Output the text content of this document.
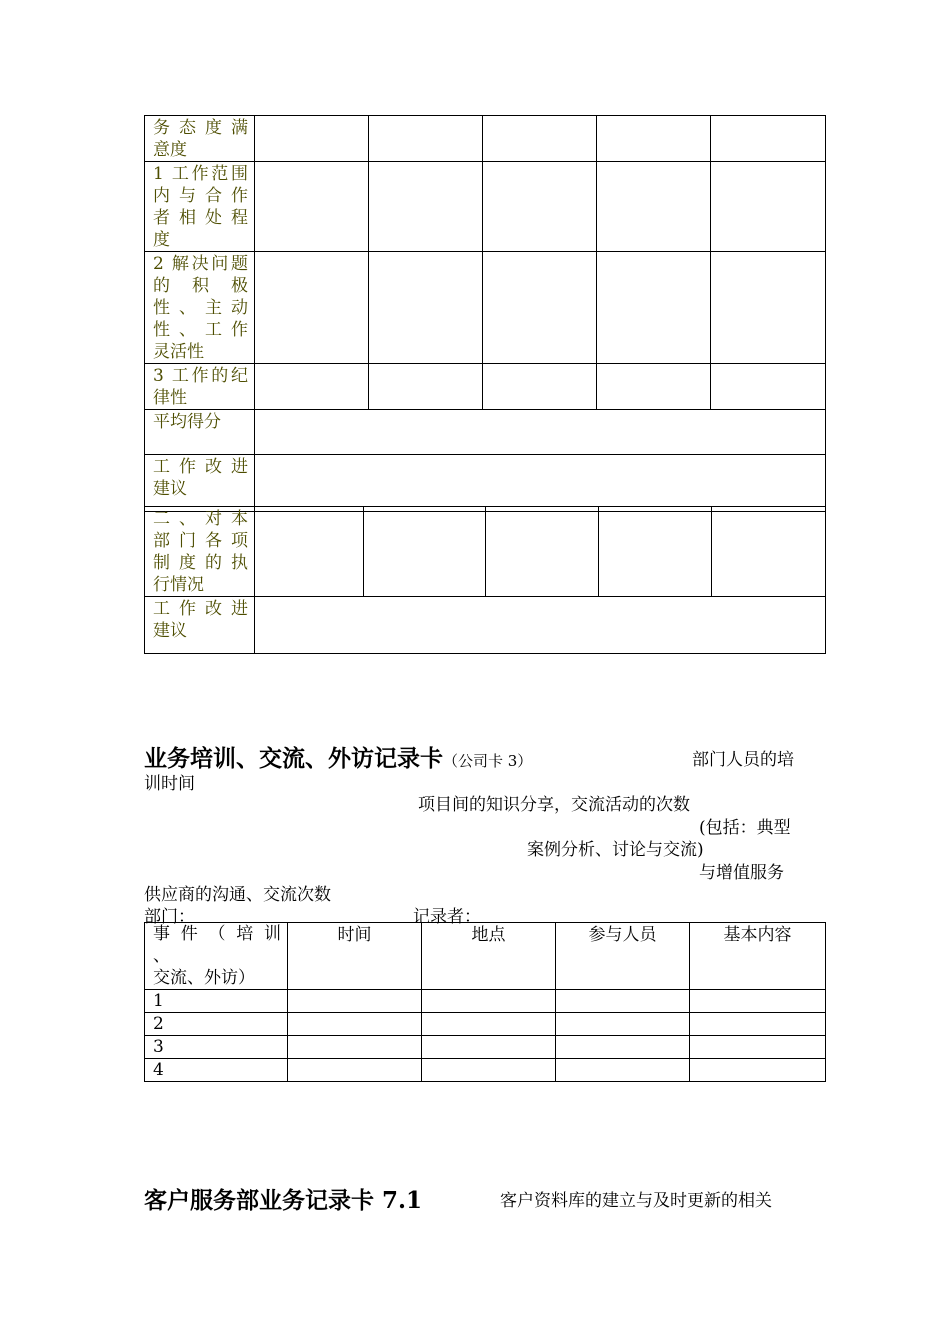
务 态 度 满
意度					

1 工作范围
内 与 合 作
者 相 处 程
度					

2 解决问题
的　积　极
性 、 主 动
性 、 工 作
灵活性					

3 工作的纪
律性					

平均得分					

工 作 改 进
建议					

二 、 对 本
部 门 各 项
制 度 的 执
行情况					

工 作 改 进
建议					

业务培训、交流、外访记录卡（公司卡 3）	部门人员的培
训时间
项目间的知识分享，交流活动的次数
(包括：典型
案例分析、讨论与交流)
与增值服务
供应商的沟通、交流次数
部门：	记录者：
事 件 （ 培 训 、
交流、外访）	时间	地点	参与人员	基本内容
1				
2				
3				
4				
客户服务部业务记录卡 7.1	客户资料库的建立与及时更新的相关
